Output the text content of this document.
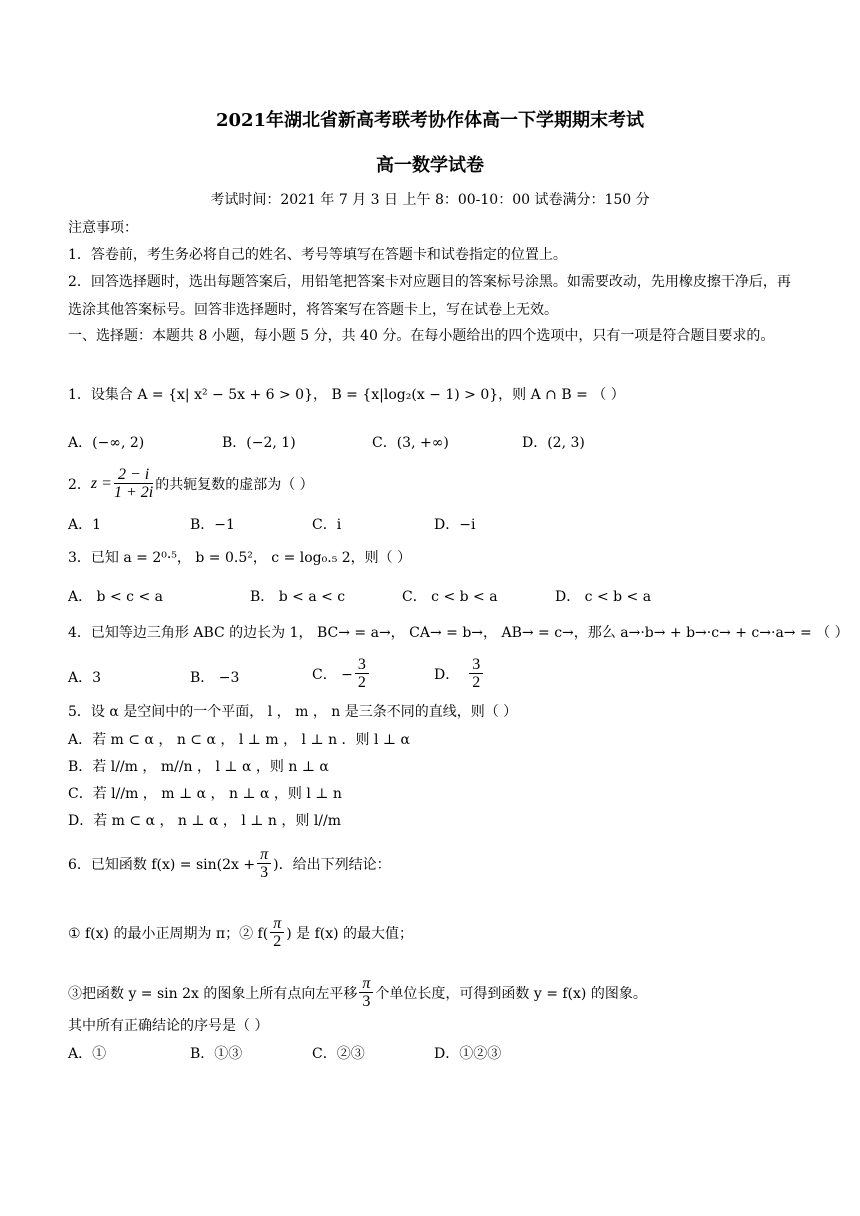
2021年湖北省新高考联考协作体高一下学期期末考试
高一数学试卷
考试时间：2021 年 7 月 3 日 上午 8：00-10：00 试卷满分：150 分
注意事项：
1．答卷前，考生务必将自己的姓名、考号等填写在答题卡和试卷指定的位置上。
2．回答选择题时，选出每题答案后，用铅笔把答案卡对应题目的答案标号涂黑。如需要改动，先用橡皮擦干净后，再选涂其他答案标号。回答非选择题时，将答案写在答题卡上，写在试卷上无效。
一、选择题：本题共 8 小题，每小题 5 分，共 40 分。在每小题给出的四个选项中，只有一项是符合题目要求的。
1．设集合 A = {x| x² − 5x + 6 > 0}， B = {x|log₂(x − 1) > 0}，则 A ∩ B = （ ）
A．(−∞, 2)	B．(−2, 1)	C．(3, +∞)	D．(2, 3)
2． $z = \frac{2 - i}{1 + 2i}$ 的共轭复数的虚部为（ ）
A．1	B．−1	C．i	D．−i
3．已知 a = 2⁰·⁵， b = 0.5²， c = log₀.₅ 2，则（ ）
A． b < c < a	B． b < a < c	C． c < b < a	D． c < b < a
4．已知等边三角形 ABC 的边长为 1， BC→ = a→， CA→ = b→， AB→ = c→，那么 a→·b→ + b→·c→ + c→·a→ = （ ）
A．3	B． −3	C． − $\frac{3}{2}$	D． $\frac{3}{2}$
5．设 α 是空间中的一个平面， l ， m ， n 是三条不同的直线，则（ ）
A．若 m ⊂ α ， n ⊂ α ， l ⊥ m ， l ⊥ n ．则 l ⊥ α
B．若 l//m ， m//n ， l ⊥ α ，则 n ⊥ α
C．若 l//m ， m ⊥ α ， n ⊥ α ，则 l ⊥ n
D．若 m ⊂ α ， n ⊥ α ， l ⊥ n ，则 l//m
6．已知函数 $f(x) = \sin(2x + \frac{\pi}{3}$ )．给出下列结论：
① f(x) 的最小正周期为 π；② $f( \frac{\pi}{2}$ ) 是 f(x) 的最大值；
③把函数 y = sin 2x 的图象上所有点向左平移 $\frac{\pi}{3}$ 个单位长度，可得到函数 y = f(x) 的图象。
其中所有正确结论的序号是（ ）
A．①	B．①③	C．②③	D．①②③
